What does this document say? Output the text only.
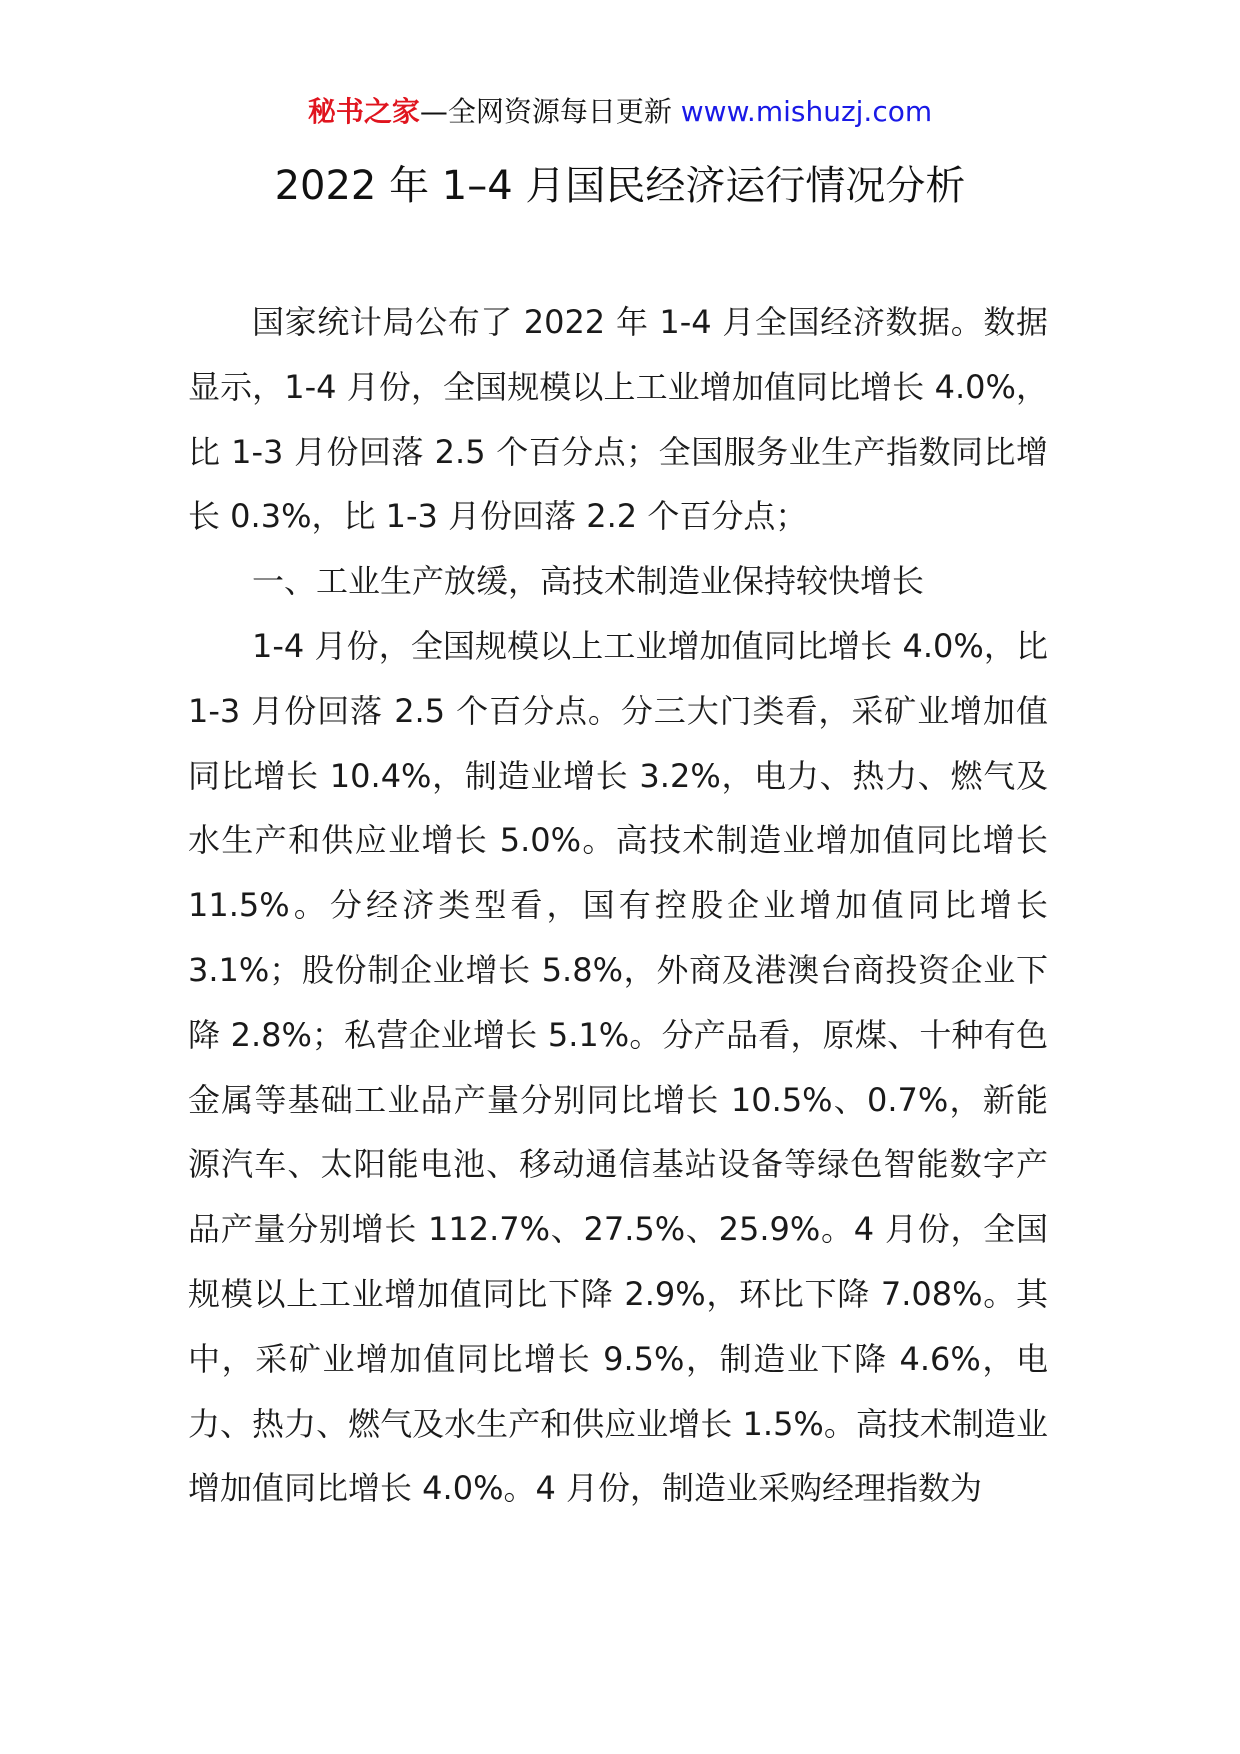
秘书之家—全网资源每日更新 www.mishuzj.com
2022 年 1–4 月国民经济运行情况分析

国家统计局公布了 2022 年 1-4 月全国经济数据。数据显示，1-4 月份，全国规模以上工业增加值同比增长 4.0%，比 1-3 月份回落 2.5 个百分点；全国服务业生产指数同比增长 0.3%，比 1-3 月份回落 2.2 个百分点；

一、工业生产放缓，高技术制造业保持较快增长

1-4 月份，全国规模以上工业增加值同比增长 4.0%，比 1-3 月份回落 2.5 个百分点。分三大门类看，采矿业增加值同比增长 10.4%，制造业增长 3.2%，电力、热力、燃气及水生产和供应业增长 5.0%。高技术制造业增加值同比增长 11.5%。分经济类型看，国有控股企业增加值同比增长 3.1%；股份制企业增长 5.8%，外商及港澳台商投资企业下降 2.8%；私营企业增长 5.1%。分产品看，原煤、十种有色金属等基础工业品产量分别同比增长 10.5%、0.7%，新能源汽车、太阳能电池、移动通信基站设备等绿色智能数字产品产量分别增长 112.7%、27.5%、25.9%。4 月份，全国规模以上工业增加值同比下降 2.9%，环比下降 7.08%。其中，采矿业增加值同比增长 9.5%，制造业下降 4.6%，电力、热力、燃气及水生产和供应业增长 1.5%。高技术制造业增加值同比增长 4.0%。4 月份，制造业采购经理指数为
